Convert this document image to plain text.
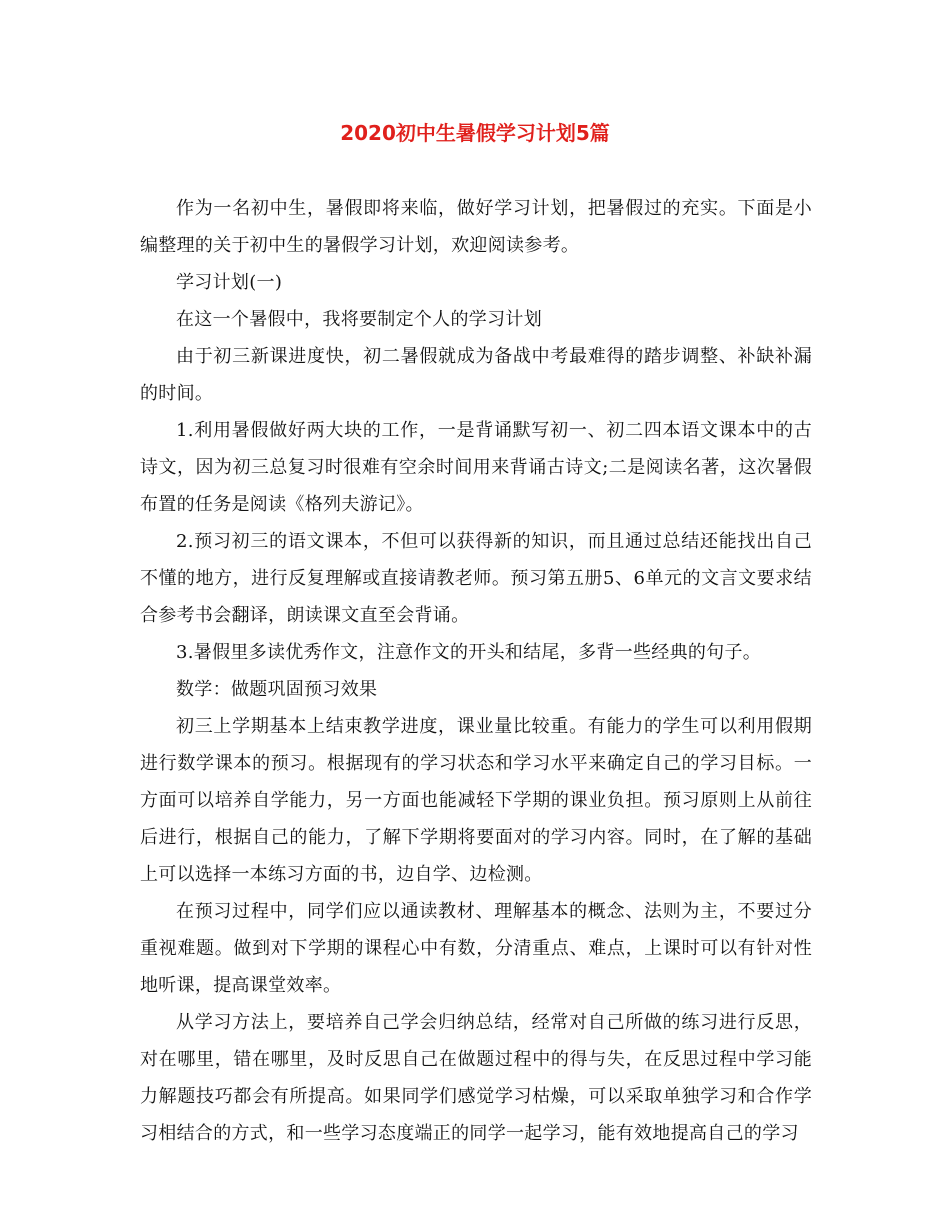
2020初中生暑假学习计划5篇

作为一名初中生，暑假即将来临，做好学习计划，把暑假过的充实。下面是小编整理的关于初中生的暑假学习计划，欢迎阅读参考。

学习计划(一)

在这一个暑假中，我将要制定个人的学习计划

由于初三新课进度快，初二暑假就成为备战中考最难得的踏步调整、补缺补漏的时间。

1.利用暑假做好两大块的工作，一是背诵默写初一、初二四本语文课本中的古诗文，因为初三总复习时很难有空余时间用来背诵古诗文;二是阅读名著，这次暑假布置的任务是阅读《格列夫游记》。

2.预习初三的语文课本，不但可以获得新的知识，而且通过总结还能找出自己不懂的地方，进行反复理解或直接请教老师。预习第五册5、6单元的文言文要求结合参考书会翻译，朗读课文直至会背诵。

3.暑假里多读优秀作文，注意作文的开头和结尾，多背一些经典的句子。

数学：做题巩固预习效果

初三上学期基本上结束教学进度，课业量比较重。有能力的学生可以利用假期进行数学课本的预习。根据现有的学习状态和学习水平来确定自己的学习目标。一方面可以培养自学能力，另一方面也能减轻下学期的课业负担。预习原则上从前往后进行，根据自己的能力，了解下学期将要面对的学习内容。同时，在了解的基础上可以选择一本练习方面的书，边自学、边检测。

在预习过程中，同学们应以通读教材、理解基本的概念、法则为主，不要过分重视难题。做到对下学期的课程心中有数，分清重点、难点，上课时可以有针对性地听课，提高课堂效率。

从学习方法上，要培养自己学会归纳总结，经常对自己所做的练习进行反思，对在哪里，错在哪里，及时反思自己在做题过程中的得与失，在反思过程中学习能力解题技巧都会有所提高。如果同学们感觉学习枯燥，可以采取单独学习和合作学习相结合的方式，和一些学习态度端正的同学一起学习，能有效地提高自己的学习
